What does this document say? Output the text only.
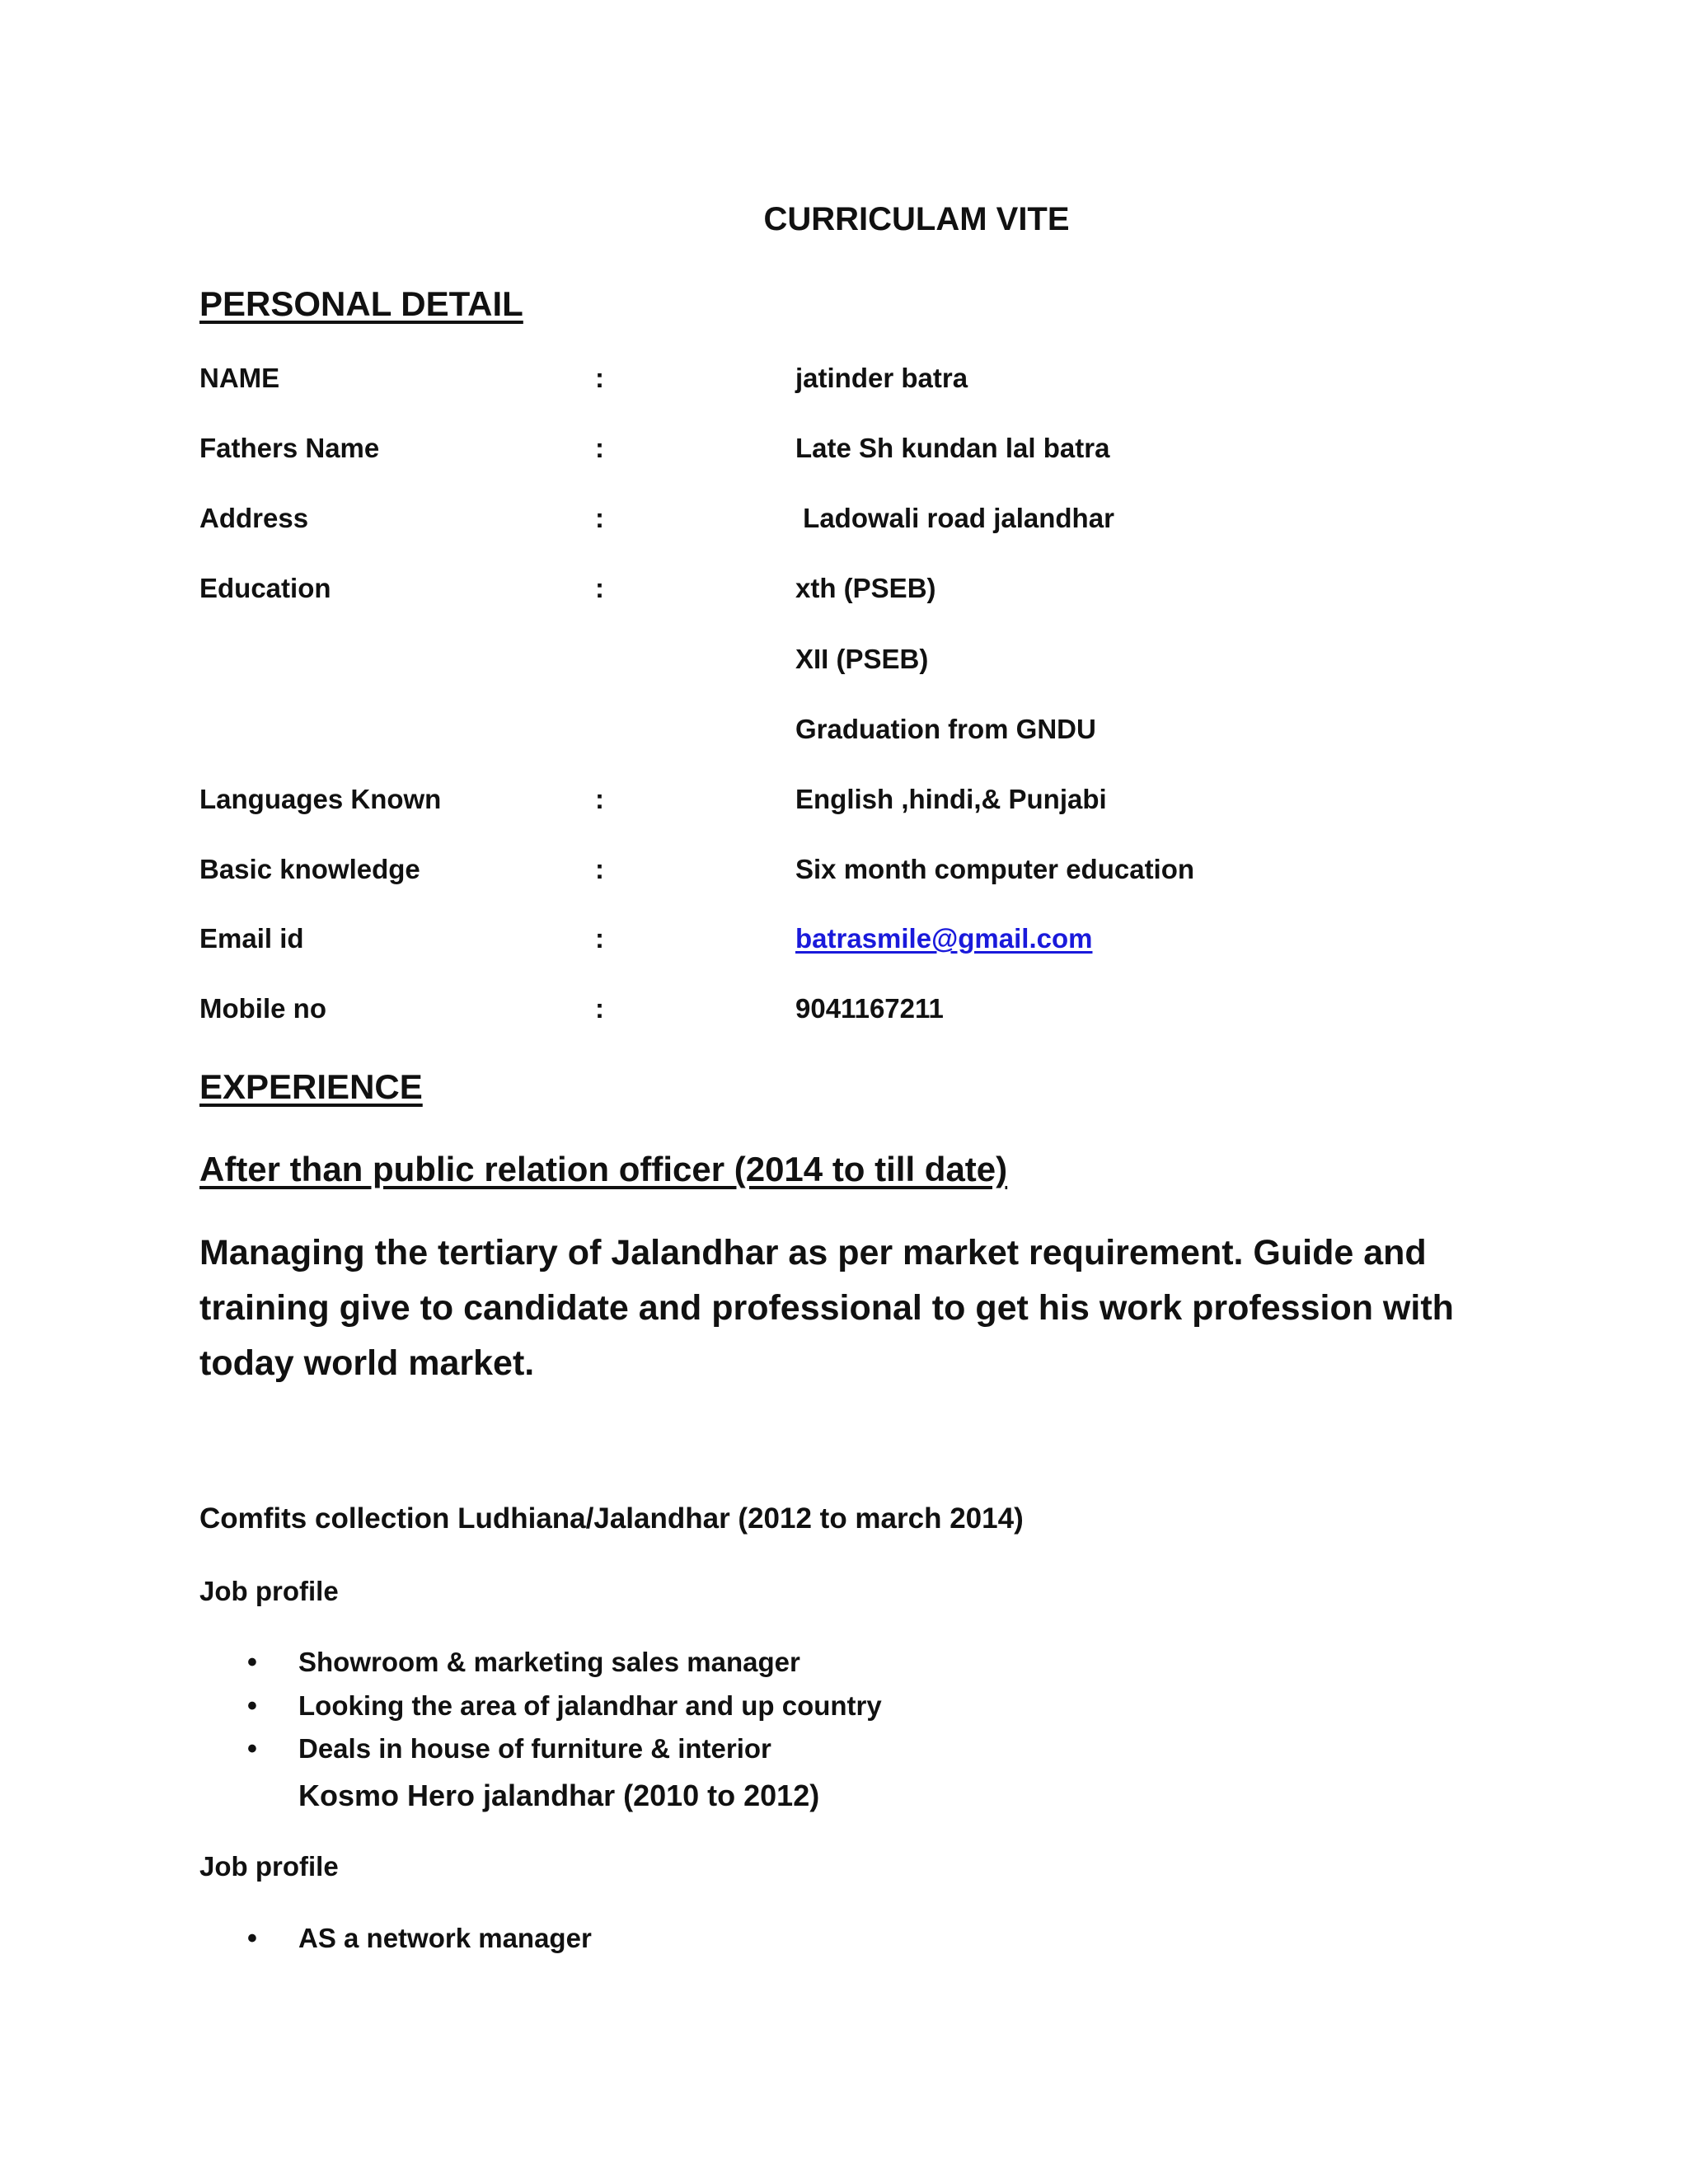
CURRICULAM VITE
PERSONAL DETAIL
NAME	:	jatinder batra
Fathers Name	:	Late Sh kundan lal batra
Address	:	Ladowali road jalandhar
Education	:	xth (PSEB)
XII (PSEB)
Graduation from GNDU
Languages Known	:	English ,hindi,& Punjabi
Basic knowledge	:	Six month computer education
Email id	:	batrasmile@gmail.com
Mobile no	:	9041167211
EXPERIENCE
After than public relation officer (2014 to till date)
Managing the tertiary of Jalandhar as per market requirement. Guide and training give to candidate and professional to get his work profession with today world market.
Comfits collection Ludhiana/Jalandhar (2012 to march 2014)
Job profile
• Showroom & marketing sales manager
• Looking the area of jalandhar and up country
• Deals in house of furniture & interior
Kosmo Hero jalandhar (2010 to 2012)
Job profile
• AS a network manager
